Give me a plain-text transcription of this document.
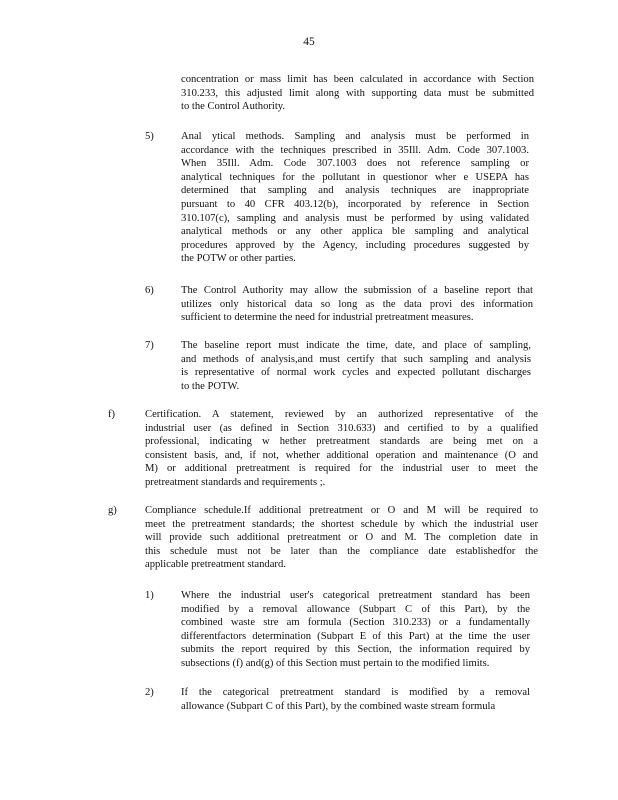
45
concentration or mass limit has been calculated in accordance with Section
310.233, this adjusted limit along with supporting data must be submitted
to the Control Authority.
5)	Anal ytical methods. Sampling and analysis must be performed in
accordance with the techniques prescribed in 35Ill. Adm. Code 307.1003.
When 35Ill. Adm. Code 307.1003 does not reference sampling or
analytical techniques for the pollutant in questionor wher e USEPA has
determined that sampling and analysis techniques are inappropriate
pursuant to 40 CFR 403.12(b), incorporated by reference in Section
310.107(c), sampling and analysis must be performed by using validated
analytical methods or any other applica ble sampling and analytical
procedures approved by the Agency, including procedures suggested by
the POTW or other parties.
6)	The Control Authority may allow the submission of a baseline report that
utilizes only historical data so long as the data provi des information
sufficient to determine the need for industrial pretreatment measures.
7)	The baseline report must indicate the time, date, and place of sampling,
and methods of analysis,and must certify that such sampling and analysis
is representative of normal work cycles and expected pollutant discharges
to the POTW.
f)	Certification. A statement, reviewed by an authorized representative of the
industrial user (as defined in Section 310.633) and certified to by a qualified
professional, indicating w hether pretreatment standards are being met on a
consistent basis, and, if not, whether additional operation and maintenance (O and
M) or additional pretreatment is required for the industrial user to meet the
pretreatment standards and requirements ;.
g)	Compliance schedule.If additional pretreatment or O and M will be required to
meet the pretreatment standards; the shortest schedule by which the industrial user
will provide such additional pretreatment or O and M. The completion date in
this schedule must not be later than the compliance date establishedfor the
applicable pretreatment standard.
1)	Where the industrial user's categorical pretreatment standard has been
modified by a removal allowance (Subpart C of this Part), by the
combined waste stre am formula (Section 310.233) or a fundamentally
differentfactors determination (Subpart E of this Part) at the time the user
submits the report required by this Section, the information required by
subsections (f) and(g) of this Section must pertain to the modified limits.
2)	If the categorical pretreatment standard is modified by a removal
allowance (Subpart C of this Part), by the combined waste stream formula
